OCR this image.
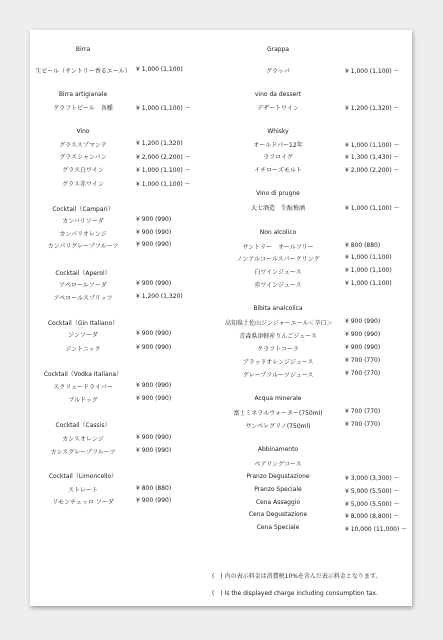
Birra
生ビール（サントリー香るエール） ¥ 1,000 (1,100)
Birra artigianale
クラフトビール　各種	¥ 1,000 (1,100) 〜
Vino
グラススプマンテ	¥ 1,200 (1,320)
グラスシャンパン	¥ 2,000 (2,200) 〜
グラス白ワイン	¥ 1,000 (1,100) 〜
グラス赤ワイン	¥ 1,000 (1,100) 〜
Cocktail（Campari）
カンパリソーダ	¥ 900 (990)
カンパリオレンジ	¥ 900 (990)
カンパリグレープフルーツ	¥ 900 (990)
Cocktail（Aperol）
アペロールソーダ	¥ 900 (990)
アペロールスプリッツ	¥ 1,200 (1,320)
Cocktail（Gin Italiano）
ジンソーダ	¥ 900 (990)
ジントニック	¥ 900 (990)
Cocktail（Vodka Italiana）
スクリュードライバー	¥ 900 (990)
ブルドッグ	¥ 900 (990)
Cocktail（Cassis）
カシスオレンジ	¥ 900 (990)
カシスグレープフルーツ	¥ 900 (990)
Cocktail（Limoncello）
ストレート	¥ 800 (880)
リモンチェッロ ソーダ	¥ 900 (990)
Grappa
グラッパ	¥ 1,000 (1,100) 〜
vino da dessert
デザートワイン	¥ 1,200 (1,320) 〜
Whisky
オールドパー12年	¥ 1,000 (1,100) 〜
ラフロイグ	¥ 1,300 (1,430) 〜
イチローズモルト	¥ 2,000 (2,200) 〜
Vino di prugne
大七酒造　生酛梅酒	¥ 1,000 (1,100) 〜
Non alcolico
サントリー　オールフリー	¥ 800 (880)
ノンアルコールスパークリング	¥ 1,000 (1,100)
白ワインジュース	¥ 1,000 (1,100)
赤ワインジュース	¥ 1,000 (1,100)
Bibita analcolica
高知県土佐山ジンジャーエール＜辛口＞ ¥ 900 (990)
青森県津軽産りんごジュース	¥ 900 (990)
クラフトコーラ	¥ 900 (990)
ブラッドオレンジジュース	¥ 700 (770)
グレープフルーツジュース	¥ 700 (770)
Acqua minerale
富士ミネラルウォーター(750ml)	¥ 700 (770)
サンペレグリノ(750ml)	¥ 700 (770)
Abbinamento
ペアリングコース
Pranzo Degustazione	¥ 3,000 (3,300) 〜
Pranzo Speciale	¥ 5,000 (5,500) 〜
Cena Assaggio	¥ 5,000 (5,500) 〜
Cena Degustazione	¥ 8,000 (8,800) 〜
Cena Speciale	¥ 10,000 (11,000) 〜
(　) 内の表示料金は消費税10%を含んだ表示料金となります。
(　) Is the displayed charge including consumption tax.
